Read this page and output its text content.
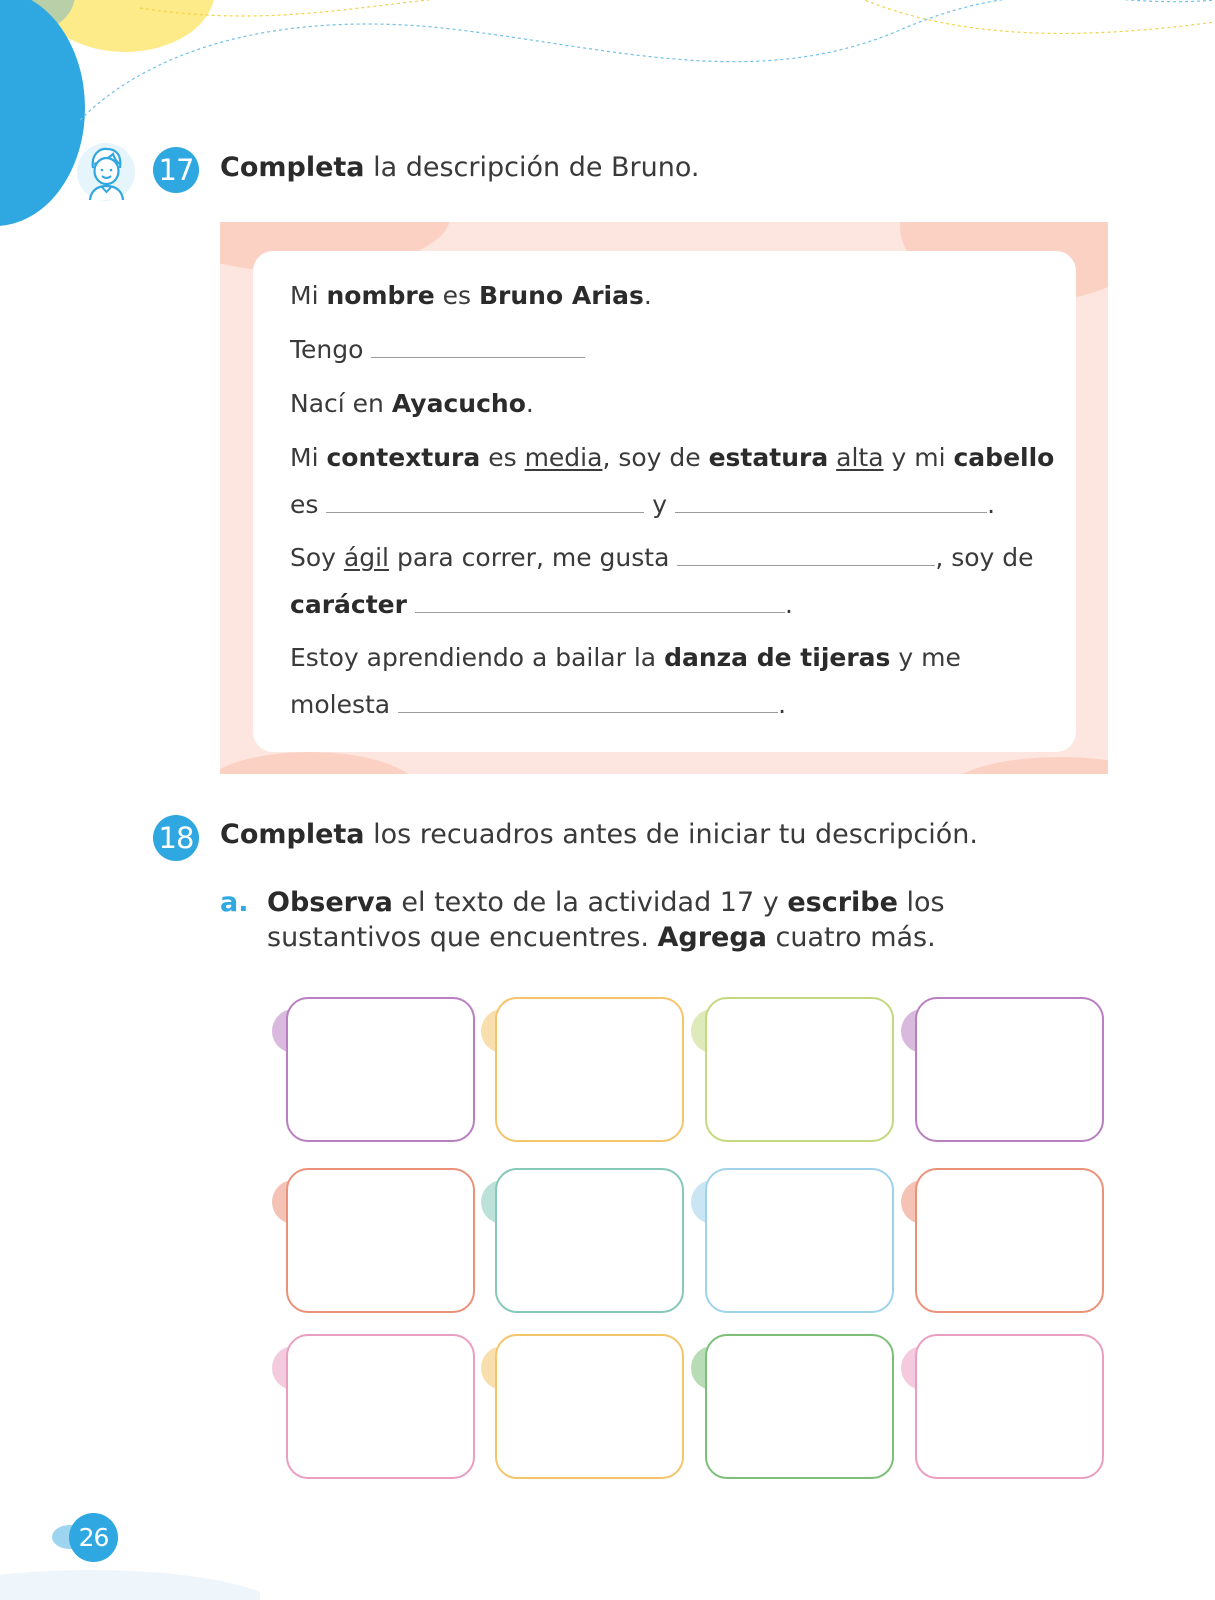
17 Completa la descripción de Bruno.
Mi nombre es Bruno Arias.
Tengo
Nací en Ayacucho.
Mi contextura es media, soy de estatura alta y mi cabello
es	y	.
Soy ágil para correr, me gusta	, soy de
carácter	.
Estoy aprendiendo a bailar la danza de tijeras y me
molesta	.
18 Completa los recuadros antes de iniciar tu descripción.
a. Observa el texto de la actividad 17 y escribe los sustantivos que encuentres. Agrega cuatro más.
26
